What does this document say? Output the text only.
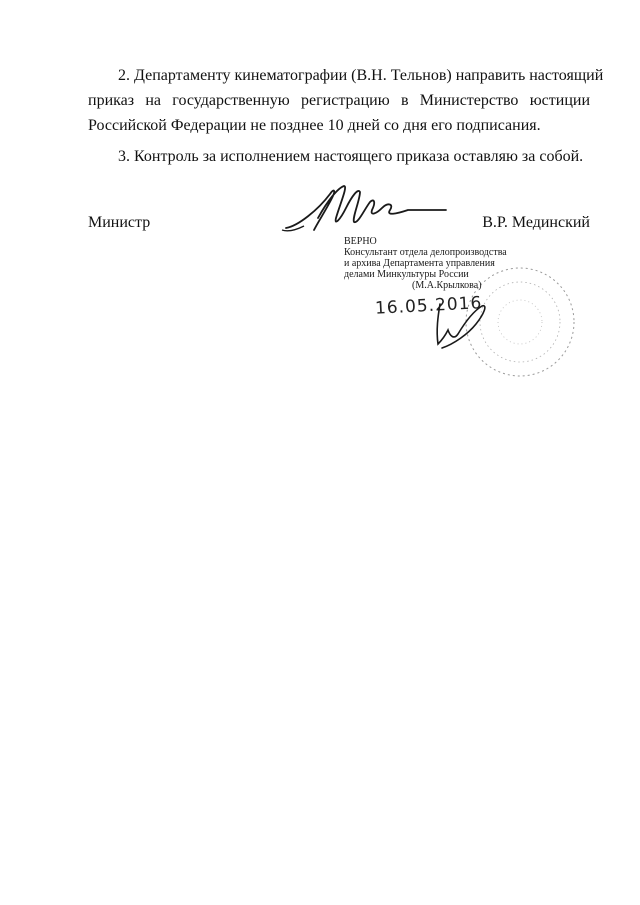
2. Департаменту кинематографии (В.Н. Тельнов) направить настоящий
приказ на государственную регистрацию в Министерство юстиции
Российской Федерации не позднее 10 дней со дня его подписания.
3. Контроль за исполнением настоящего приказа оставляю за собой.
Министр	В.Р. Мединский
ВЕРНО
Консультант отдела делопроизводства
и архива Департамента управления
делами Минкультуры России
(М.А.Крылкова)
16.05.2016
